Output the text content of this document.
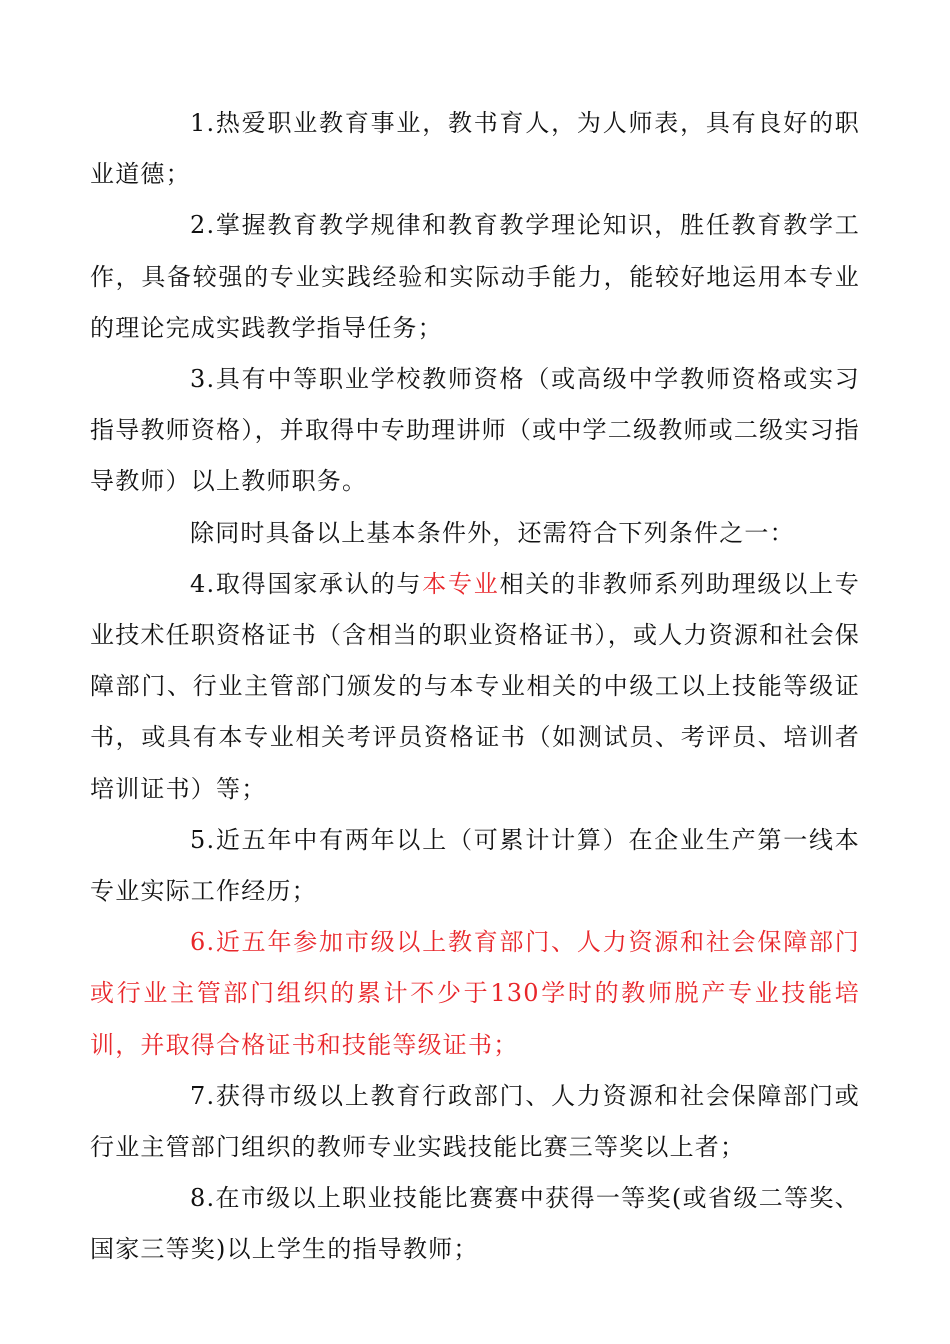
1.热爱职业教育事业，教书育人，为人师表，具有良好的职业道德；

2.掌握教育教学规律和教育教学理论知识，胜任教育教学工作，具备较强的专业实践经验和实际动手能力，能较好地运用本专业的理论完成实践教学指导任务；

3.具有中等职业学校教师资格（或高级中学教师资格或实习指导教师资格），并取得中专助理讲师（或中学二级教师或二级实习指导教师）以上教师职务。

除同时具备以上基本条件外，还需符合下列条件之一：

4.取得国家承认的与本专业相关的非教师系列助理级以上专业技术任职资格证书（含相当的职业资格证书），或人力资源和社会保障部门、行业主管部门颁发的与本专业相关的中级工以上技能等级证书，或具有本专业相关考评员资格证书（如测试员、考评员、培训者培训证书）等；

5.近五年中有两年以上（可累计计算）在企业生产第一线本专业实际工作经历；

6.近五年参加市级以上教育部门、人力资源和社会保障部门或行业主管部门组织的累计不少于130学时的教师脱产专业技能培训，并取得合格证书和技能等级证书；

7.获得市级以上教育行政部门、人力资源和社会保障部门或行业主管部门组织的教师专业实践技能比赛三等奖以上者；

8.在市级以上职业技能比赛赛中获得一等奖(或省级二等奖、国家三等奖)以上学生的指导教师；
